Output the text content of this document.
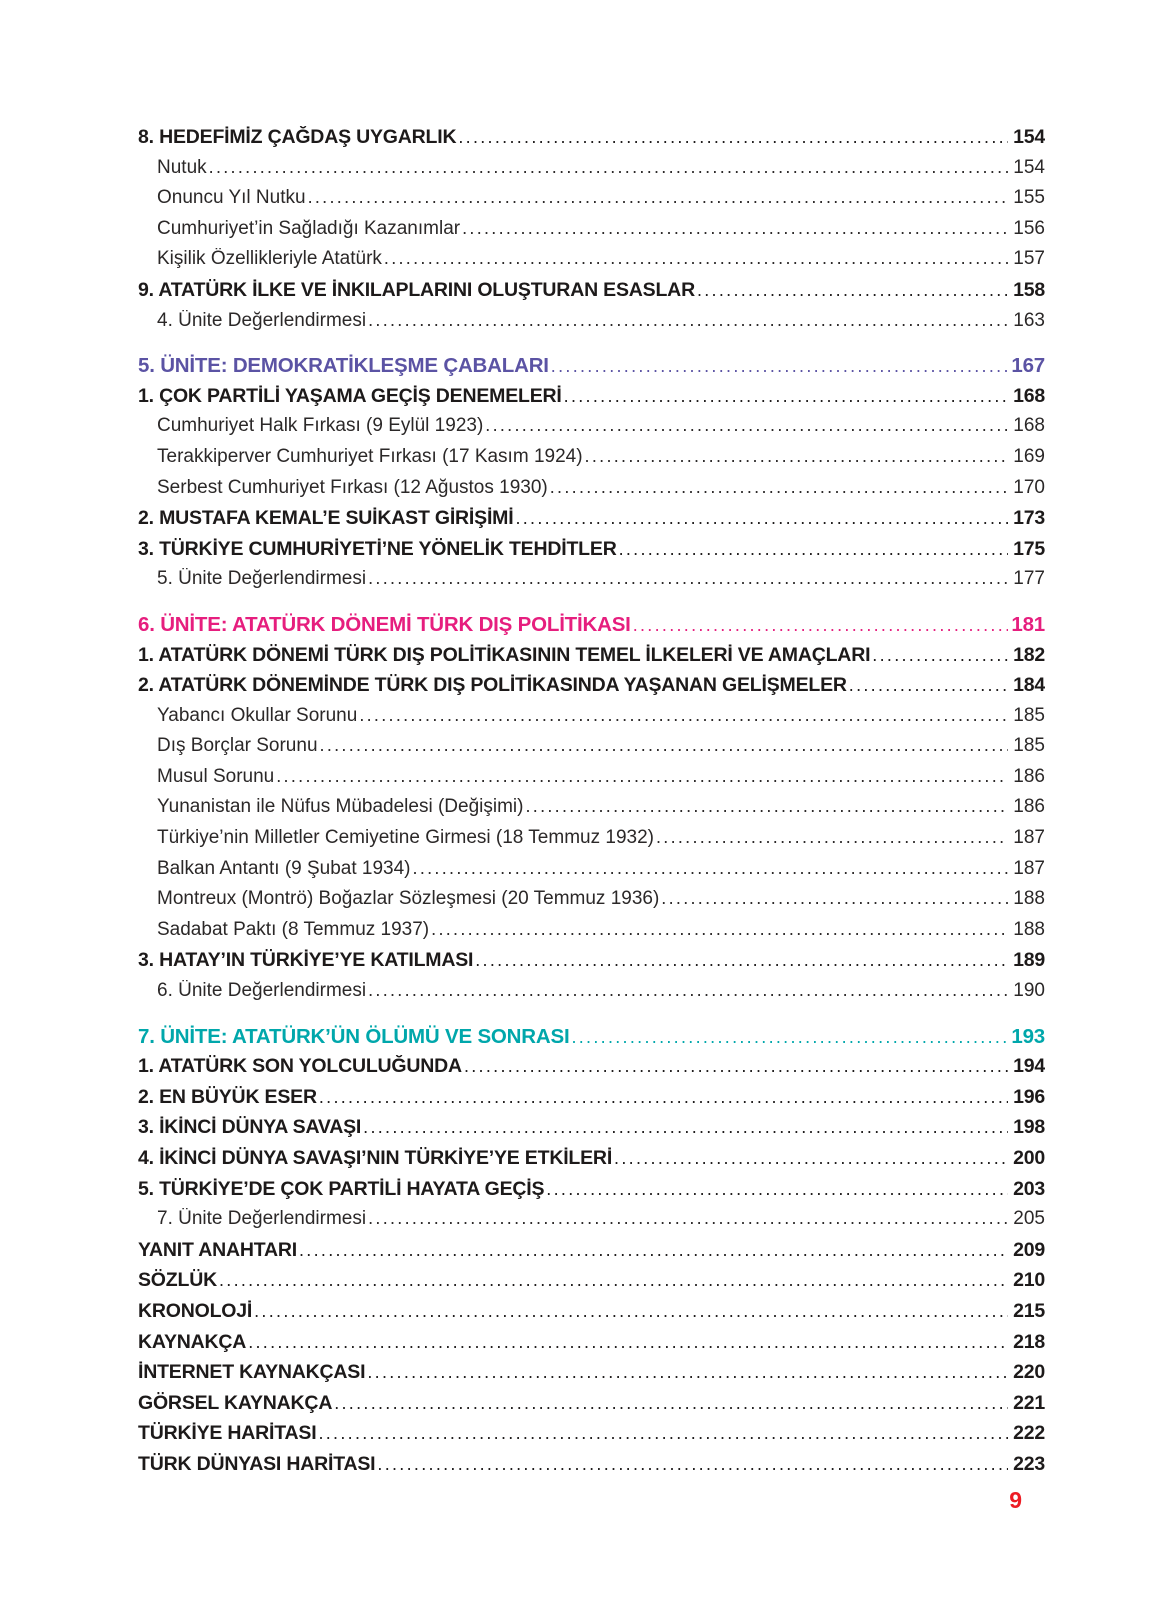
8. HEDEFİMİZ ÇAĞDAŞ UYGARLIK .....	154
Nutuk .....	154
Onuncu Yıl Nutku .....	155
Cumhuriyet’in Sağladığı Kazanımlar .....	156
Kişilik Özellikleriyle Atatürk .....	157
9. ATATÜRK İLKE VE İNKILAPLARINI OLUŞTURAN ESASLAR .....	158
4. Ünite Değerlendirmesi .....	163
5. ÜNİTE: DEMOKRATİKLEŞME ÇABALARI .....	167
1. ÇOK PARTİLİ YAŞAMA GEÇİŞ DENEMELERİ .....	168
Cumhuriyet Halk Fırkası (9 Eylül 1923) .....	168
Terakkiperver Cumhuriyet Fırkası (17 Kasım 1924) .....	169
Serbest Cumhuriyet Fırkası (12 Ağustos 1930) .....	170
2. MUSTAFA KEMAL’E SUİKAST GİRİŞİMİ .....	173
3. TÜRKİYE CUMHURİYETİ’NE YÖNELİK TEHDİTLER .....	175
5. Ünite Değerlendirmesi .....	177
6. ÜNİTE: ATATÜRK DÖNEMİ TÜRK DIŞ POLİTİKASI .....	181
1. ATATÜRK DÖNEMİ TÜRK DIŞ POLİTİKASININ TEMEL İLKELERİ VE AMAÇLARI .....	182
2. ATATÜRK DÖNEMİNDE TÜRK DIŞ POLİTİKASINDA YAŞANAN GELİŞMELER .....	184
Yabancı Okullar Sorunu .....	185
Dış Borçlar Sorunu .....	185
Musul Sorunu .....	186
Yunanistan ile Nüfus Mübadelesi (Değişimi) .....	186
Türkiye’nin Milletler Cemiyetine Girmesi (18 Temmuz 1932) .....	187
Balkan Antantı (9 Şubat 1934) .....	187
Montreux (Montrö) Boğazlar Sözleşmesi (20 Temmuz 1936) .....	188
Sadabat Paktı (8 Temmuz 1937) .....	188
3. HATAY’IN TÜRKİYE’YE KATILMASI .....	189
6. Ünite Değerlendirmesi .....	190
7. ÜNİTE: ATATÜRK’ÜN ÖLÜMÜ VE SONRASI .....	193
1. ATATÜRK SON YOLCULUĞUNDA .....	194
2. EN BÜYÜK ESER .....	196
3. İKİNCİ DÜNYA SAVAŞI .....	198
4. İKİNCİ DÜNYA SAVAŞI’NIN TÜRKİYE’YE ETKİLERİ .....	200
5. TÜRKİYE’DE ÇOK PARTİLİ HAYATA GEÇİŞ .....	203
7. Ünite Değerlendirmesi .....	205
YANIT ANAHTARI .....	209
SÖZLÜK .....	210
KRONOLOJİ .....	215
KAYNAKÇA .....	218
İNTERNET KAYNAKÇASI .....	220
GÖRSEL KAYNAKÇA .....	221
TÜRKİYE HARİTASI .....	222
TÜRK DÜNYASI HARİTASI .....	223
9
